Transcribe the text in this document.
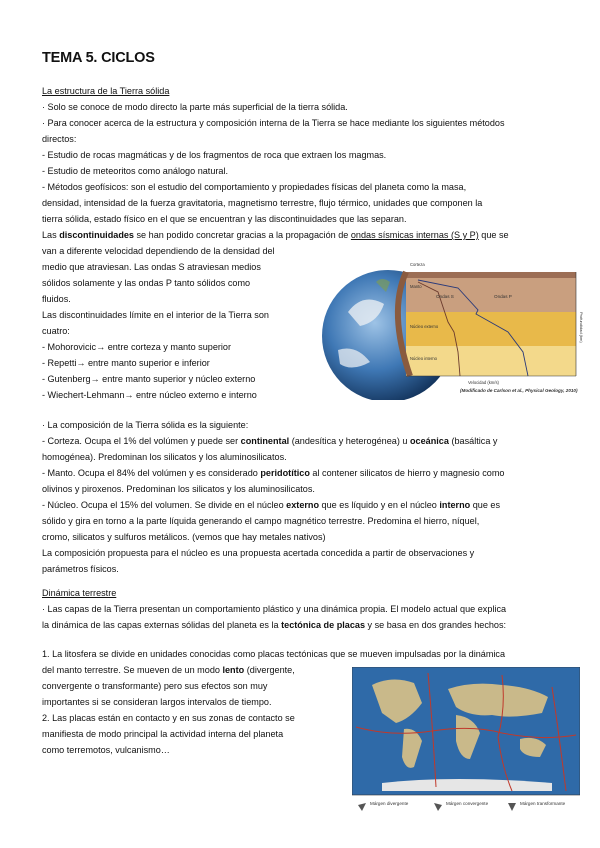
TEMA 5. CICLOS
La estructura de la Tierra sólida
· Solo se conoce de modo directo la parte más superficial de la tierra sólida.
· Para conocer acerca de la estructura y composición interna de la Tierra se hace mediante los siguientes métodos
directos:
- Estudio de rocas magmáticas y de los fragmentos de roca que extraen los magmas.
- Estudio de meteoritos como análogo natural.
- Métodos geofísicos: son el estudio del comportamiento y propiedades físicas del planeta como la masa,
densidad, intensidad de la fuerza gravitatoria, magnetismo terrestre, flujo térmico, unidades que componen la
tierra sólida, estado físico en el que se encuentran y las discontinuidades que las separan.
Las discontinuidades se han podido concretar gracias a la propagación de ondas sísmicas internas (S y P) que se
van a diferente velocidad dependiendo de la densidad del
medio que atraviesan. Las ondas S atraviesan medios
sólidos solamente y las ondas P tanto sólidos como
fluidos.
Las discontinuidades límite en el interior de la Tierra son
cuatro:
- Mohorovicic→ entre corteza y manto superior
- Repetti→ entre manto superior e inferior
- Gutenberg→ entre manto superior y núcleo externo
- Wiechert-Lehmann→ entre núcleo externo e interno
· La composición de la Tierra sólida es la siguiente:
- Corteza. Ocupa el 1% del volúmen y puede ser continental (andesítica y heterogénea) u oceánica (basáltica y
homogénea). Predominan los silicatos y los aluminosilicatos.
- Manto. Ocupa el 84% del volúmen y es considerado peridotítico al contener silicatos de hierro y magnesio como
olivinos y piroxenos. Predominan los silicatos y los aluminosilicatos.
- Núcleo. Ocupa el 15% del volumen. Se divide en el núcleo externo que es líquido y en el núcleo interno que es
sólido y gira en torno a la parte líquida generando el campo magnético terrestre. Predomina el hierro, níquel,
cromo, silicatos y sulfuros metálicos. (vemos que hay metales nativos)
La composición propuesta para el núcleo es una propuesta acertada concedida a partir de observaciones y
parámetros físicos.
Dinámica terrestre
· Las capas de la Tierra presentan un comportamiento plástico y una dinámica propia. El modelo actual que explica
la dinámica de las capas externas sólidas del planeta es la tectónica de placas y se basa en dos grandes hechos:
1. La litosfera se divide en unidades conocidas como placas tectónicas que se mueven impulsadas por la dinámica
del manto terrestre. Se mueven de un modo lento (divergente,
convergente o transformante) pero sus efectos son muy
importantes si se consideran largos intervalos de tiempo.
2. Las placas están en contacto y en sus zonas de contacto se
manifiesta de modo principal la actividad interna del planeta
como terremotos, vulcanismo…
Ondas S	Ondas P
Manto
Núcleo externo
Núcleo interno
Corteza
Velocidad (km/s)
Profundidad (km)
(Modificado de Carlson et al., Physical Geology, 2010)
Márgen divergente	Márgen convergente	Márgen transformante
